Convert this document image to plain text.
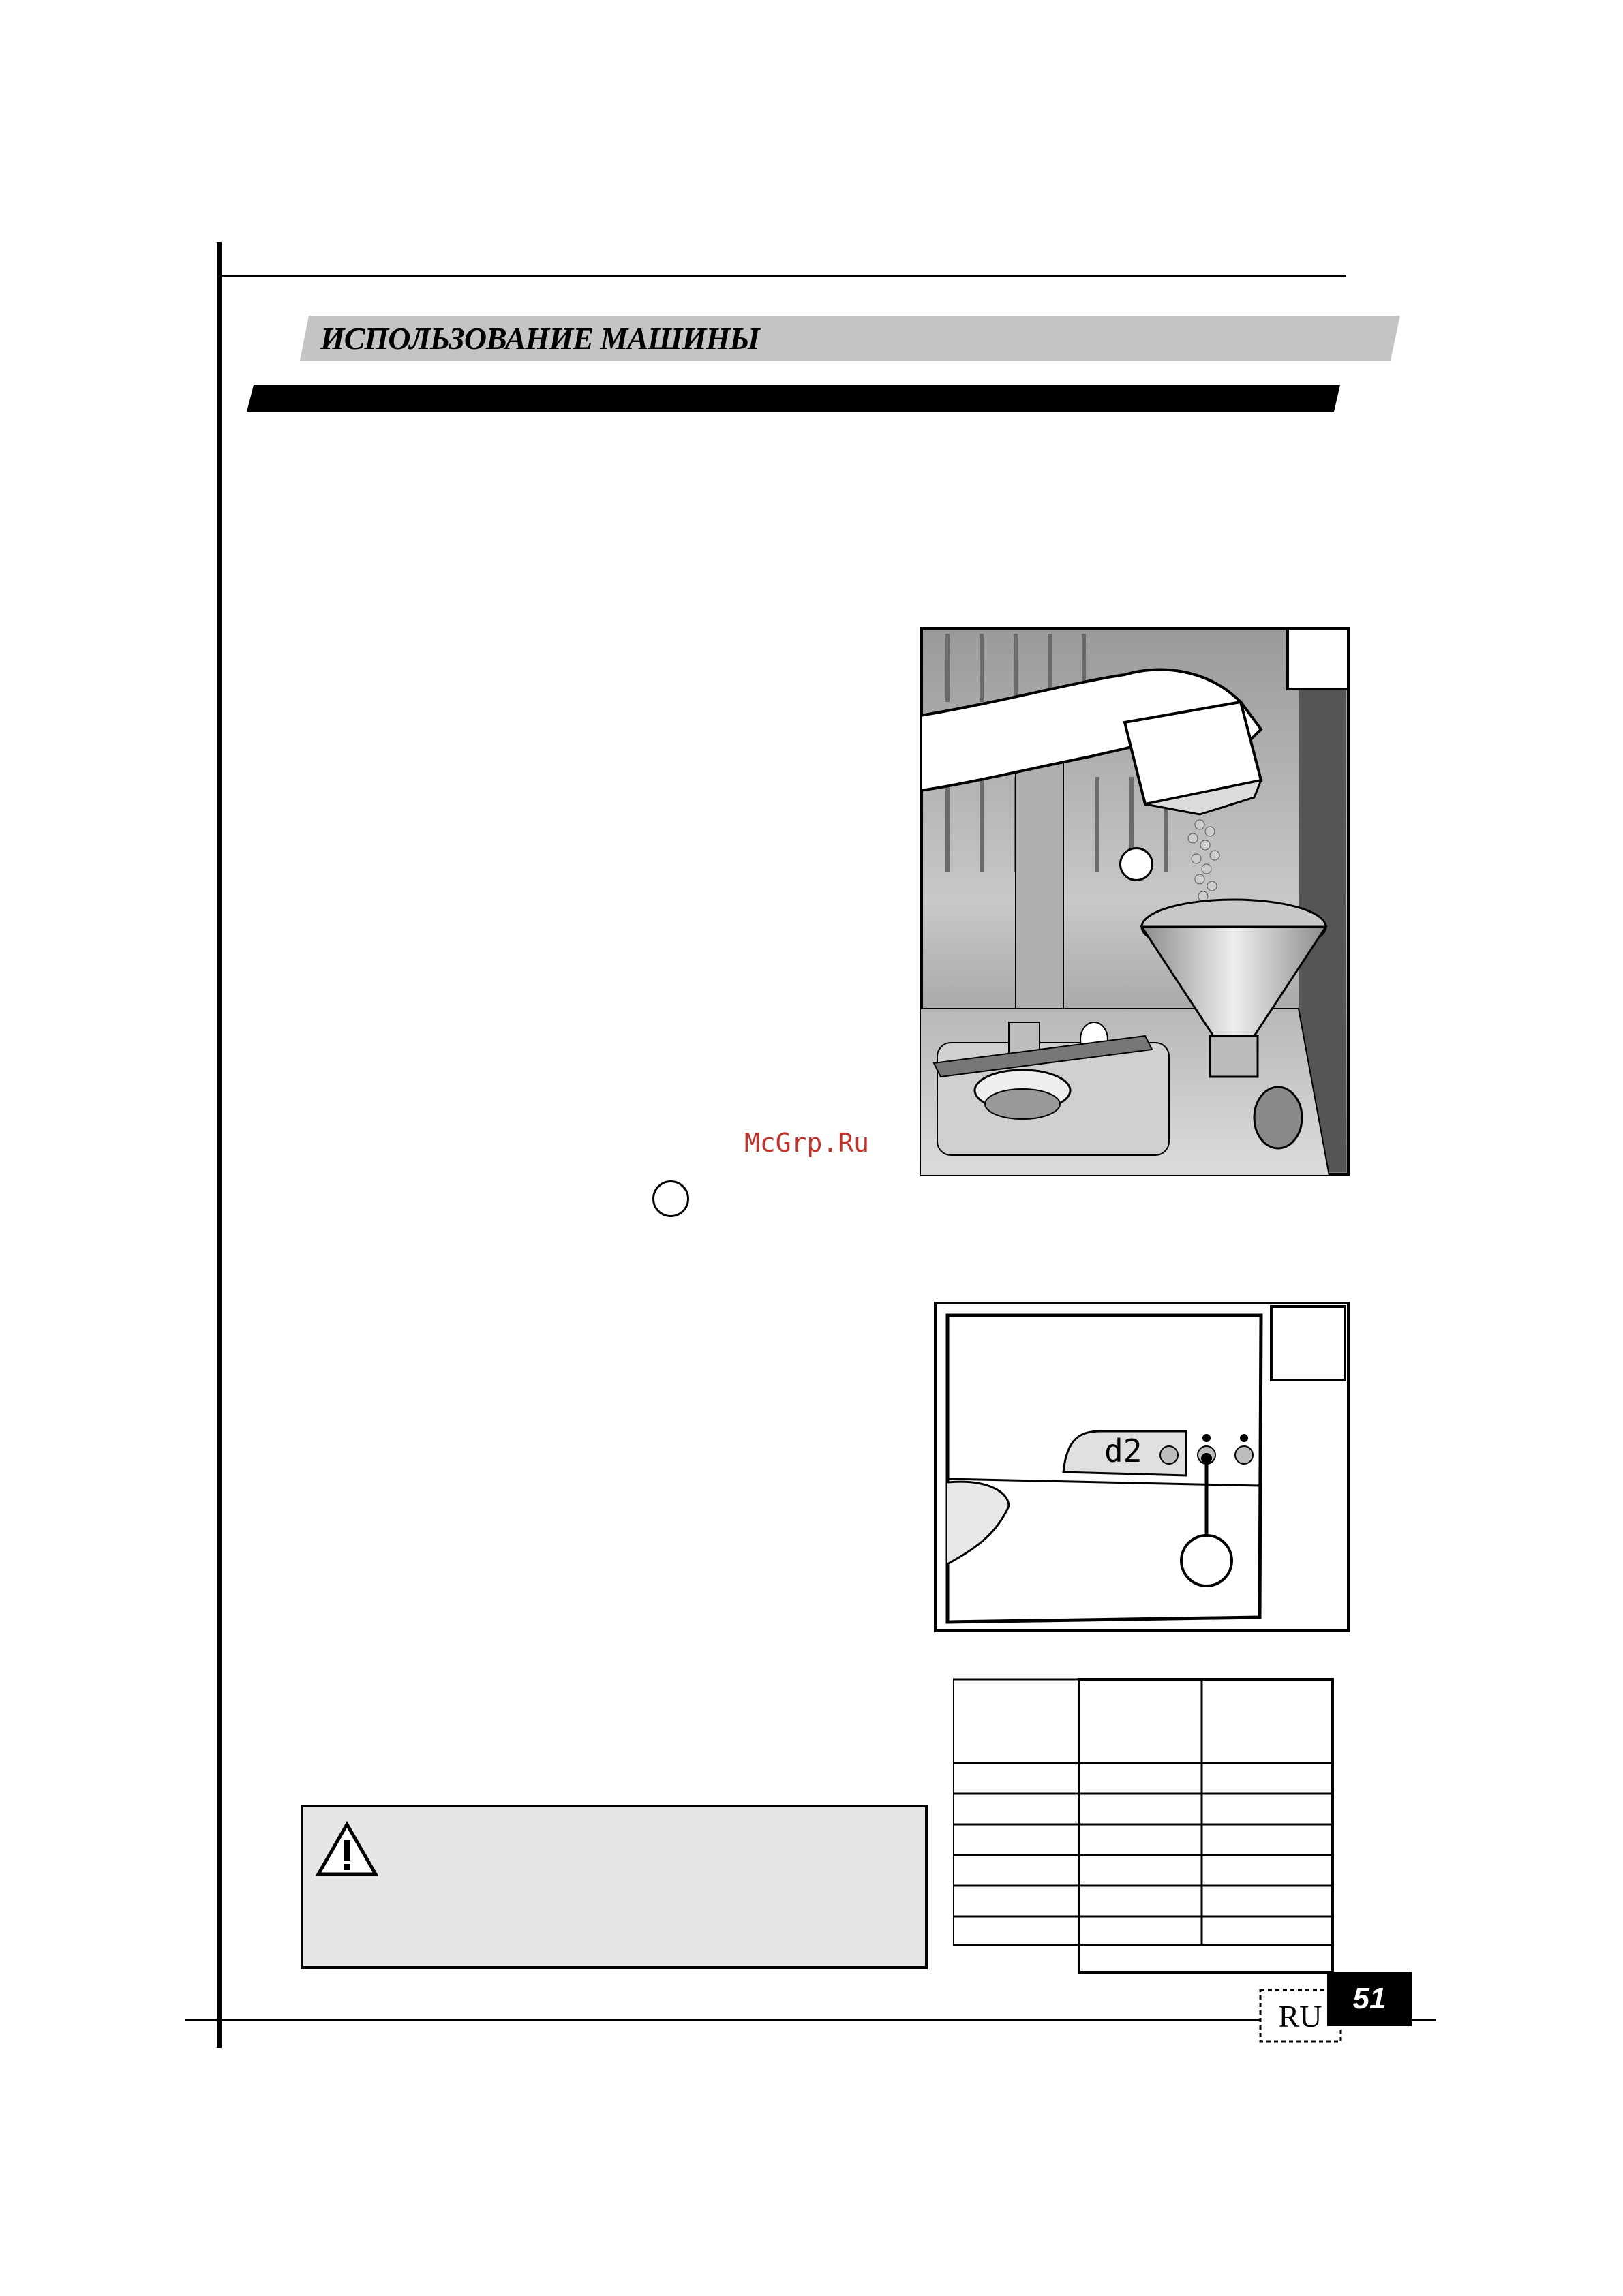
ИСПОЛЬЗОВАНИЕ МАШИНЫ
McGrp.Ru
d2
RU
51
